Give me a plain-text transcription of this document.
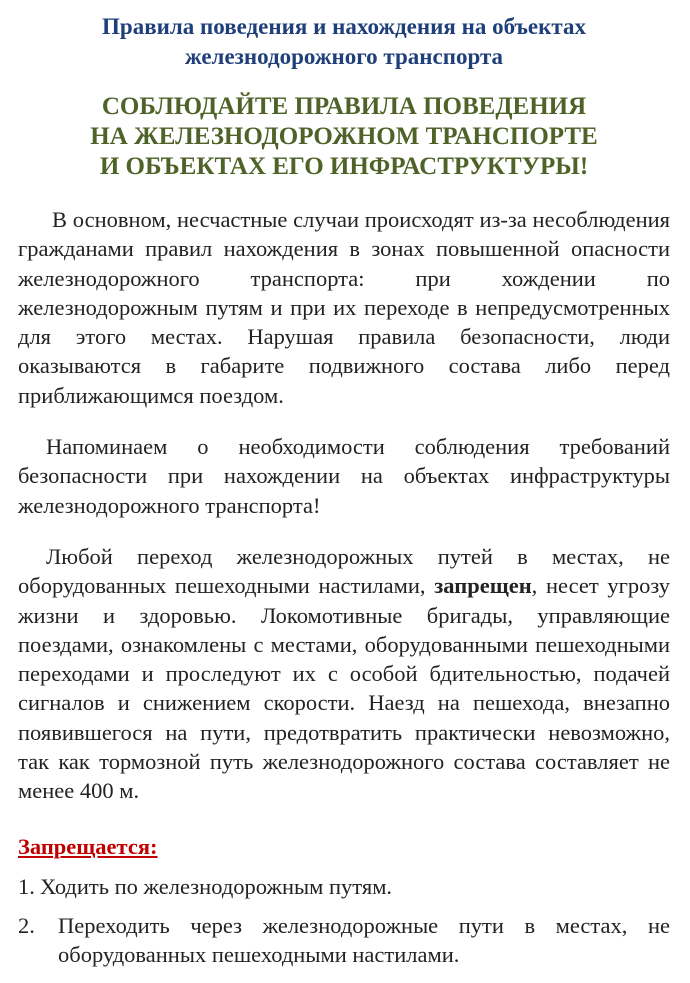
Правила поведения и нахождения на объектах
железнодорожного транспорта
СОБЛЮДАЙТЕ ПРАВИЛА ПОВЕДЕНИЯ
НА ЖЕЛЕЗНОДОРОЖНОМ ТРАНСПОРТЕ
И ОБЪЕКТАХ ЕГО ИНФРАСТРУКТУРЫ!

В основном, несчастные случаи происходят из-за несоблюдения гражданами правил нахождения в зонах повышенной опасности железнодорожного транспорта: при хождении по железнодорожным путям и при их переходе в непредусмотренных для этого местах. Нарушая правила безопасности, люди оказываются в габарите подвижного состава либо перед приближающимся поездом.

Напоминаем о необходимости соблюдения требований безопасности при нахождении на объектах инфраструктуры железнодорожного транспорта!

Любой переход железнодорожных путей в местах, не оборудованных пешеходными настилами, запрещен, несет угрозу жизни и здоровью. Локомотивные бригады, управляющие поездами, ознакомлены с местами, оборудованными пешеходными переходами и проследуют их с особой бдительностью, подачей сигналов и снижением скорости. Наезд на пешехода, внезапно появившегося на пути, предотвратить практически невозможно, так как тормозной путь железнодорожного состава составляет не менее 400 м.

Запрещается:
1. Ходить по железнодорожным путям.
2. Переходить через железнодорожные пути в местах, не оборудованных пешеходными настилами.
